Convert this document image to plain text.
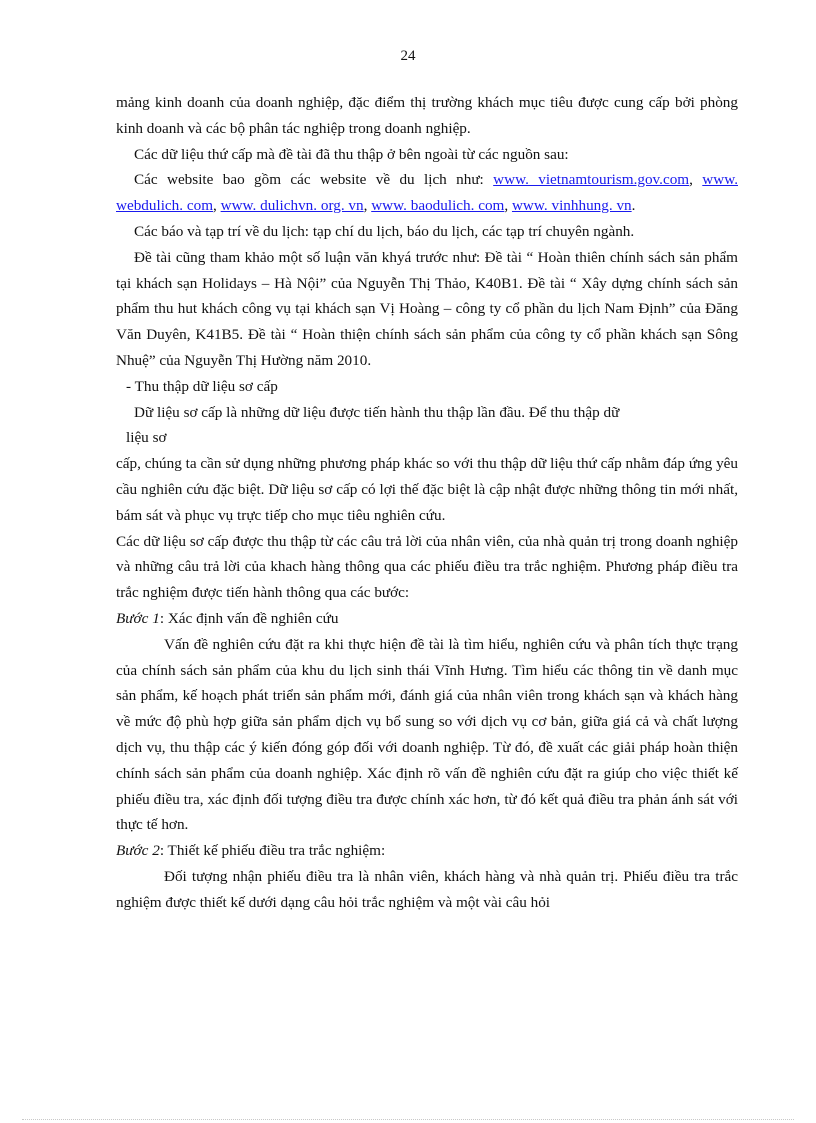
24

mảng kinh doanh của doanh nghiệp, đặc điểm thị trường khách mục tiêu được cung cấp bởi phòng kinh doanh và các bộ phân tác nghiệp trong doanh nghiệp.

Các dữ liệu thứ cấp mà đề tài đã thu thập ở bên ngoài từ các nguồn sau:

Các website bao gồm các website về du lịch như: www. vietnamtourism.gov.com, www. webdulich. com, www. dulichvn. org. vn, www. baodulich. com, www. vinhhung. vn.

Các báo và tạp trí về du lịch: tạp chí du lịch, báo du lịch, các tạp trí chuyên ngành.

Đề tài cũng tham khảo một số luận văn khyá trước như: Đề tài “ Hoàn thiên chính sách sản phẩm tại khách sạn Holidays – Hà Nội” của Nguyễn Thị Thảo, K40B1. Đề tài “ Xây dựng chính sách sản phẩm thu hut khách công vụ tại khách sạn Vị Hoàng – công ty cổ phần du lịch Nam Định” của Đăng Văn Duyên, K41B5. Đề tài “ Hoàn thiện chính sách sản phẩm của công ty cổ phần khách sạn Sông Nhuệ” của Nguyễn Thị Hường năm 2010.

- Thu thập dữ liệu sơ cấp

Dữ liệu sơ cấp là những dữ liệu được tiến hành thu thập lần đầu. Để thu thập dữ

liệu sơ

cấp, chúng ta cần sử dụng những phương pháp khác so với thu thập dữ liệu thứ cấp nhằm đáp ứng yêu cầu nghiên cứu đặc biệt. Dữ liệu sơ cấp có lợi thế đặc biệt là cập nhật được những thông tin mới nhất, bám sát và phục vụ trực tiếp cho mục tiêu nghiên cứu.

Các dữ liệu sơ cấp được thu thập từ các câu trả lời của nhân viên, của nhà quản trị trong doanh nghiệp và những câu trả lời của khach hàng thông qua các phiếu điều tra trắc nghiệm. Phương pháp điều tra trắc nghiệm được tiến hành thông qua các bước:

Bước 1: Xác định vấn đề nghiên cứu

Vấn đề nghiên cứu đặt ra khi thực hiện đề tài là tìm hiểu, nghiên cứu và phân tích thực trạng của chính sách sản phẩm của khu du lịch sinh thái Vĩnh Hưng. Tìm hiểu các thông tin về danh mục sản phẩm, kế hoạch phát triển sản phẩm mới, đánh giá của nhân viên trong khách sạn và khách hàng về mức độ phù hợp giữa sản phẩm dịch vụ bổ sung so với dịch vụ cơ bản, giữa giá cả và chất lượng dịch vụ, thu thập các ý kiến đóng góp đối với doanh nghiệp. Từ đó, đề xuất các giải pháp hoàn thiện chính sách sản phẩm của doanh nghiệp. Xác định rõ vấn đề nghiên cứu đặt ra giúp cho việc thiết kế phiếu điều tra, xác định đối tượng điều tra được chính xác hơn, từ đó kết quả điều tra phản ánh sát với thực tế hơn.

Bước 2: Thiết kế phiếu điều tra trắc nghiệm:

Đối tượng nhận phiếu điều tra là nhân viên, khách hàng và nhà quản trị. Phiếu điều tra trắc nghiệm được thiết kế dưới dạng câu hỏi trắc nghiệm và một vài câu hỏi
